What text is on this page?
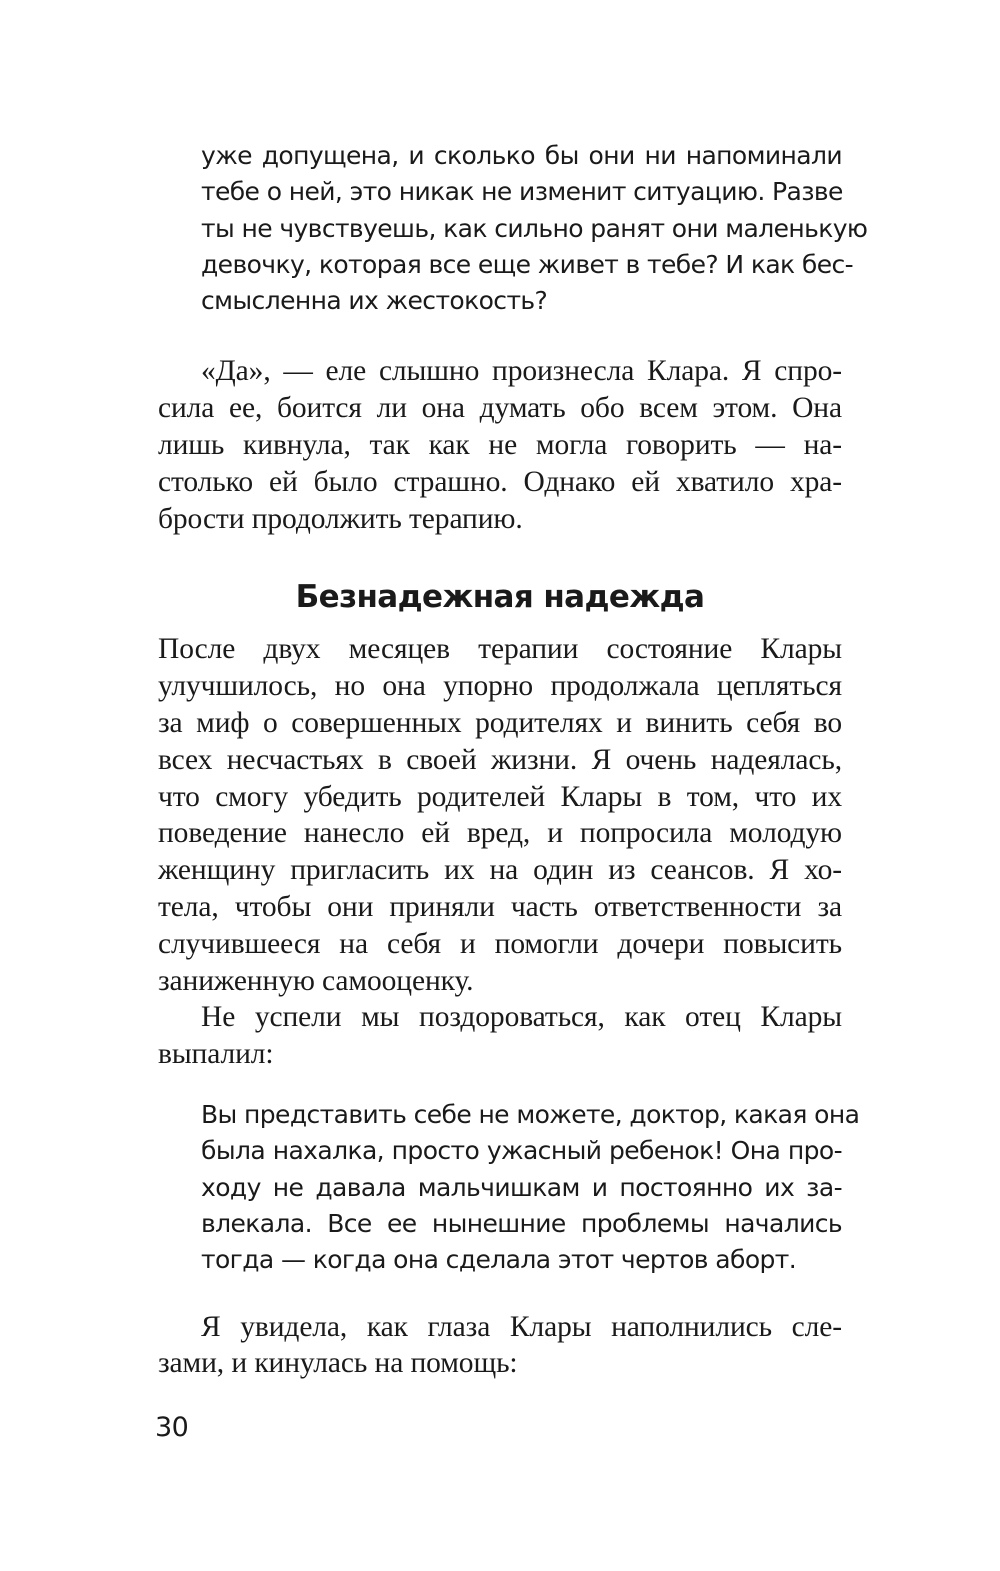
уже допущена, и сколько бы они ни напоминали
тебе о ней, это никак не изменит ситуацию. Разве
ты не чувствуешь, как сильно ранят они маленькую
девочку, которая все еще живет в тебе? И как бес-
смысленна их жестокость?
«Да», — еле слышно произнесла Клара. Я спро-
сила ее, боится ли она думать обо всем этом. Она
лишь кивнула, так как не могла говорить — на-
столько ей было страшно. Однако ей хватило хра-
брости продолжить терапию.
Безнадежная надежда
После двух месяцев терапии состояние Клары
улучшилось, но она упорно продолжала цепляться
за миф о совершенных родителях и винить себя во
всех несчастьях в своей жизни. Я очень надеялась,
что смогу убедить родителей Клары в том, что их
поведение нанесло ей вред, и попросила молодую
женщину пригласить их на один из сеансов. Я хо-
тела, чтобы они приняли часть ответственности за
случившееся на себя и помогли дочери повысить
заниженную самооценку.
Не успели мы поздороваться, как отец Клары
выпалил:
Вы представить себе не можете, доктор, какая она
была нахалка, просто ужасный ребенок! Она про-
ходу не давала мальчишкам и постоянно их за-
влекала. Все ее нынешние проблемы начались
тогда — когда она сделала этот чертов аборт.
Я увидела, как глаза Клары наполнились сле-
зами, и кинулась на помощь:
30
